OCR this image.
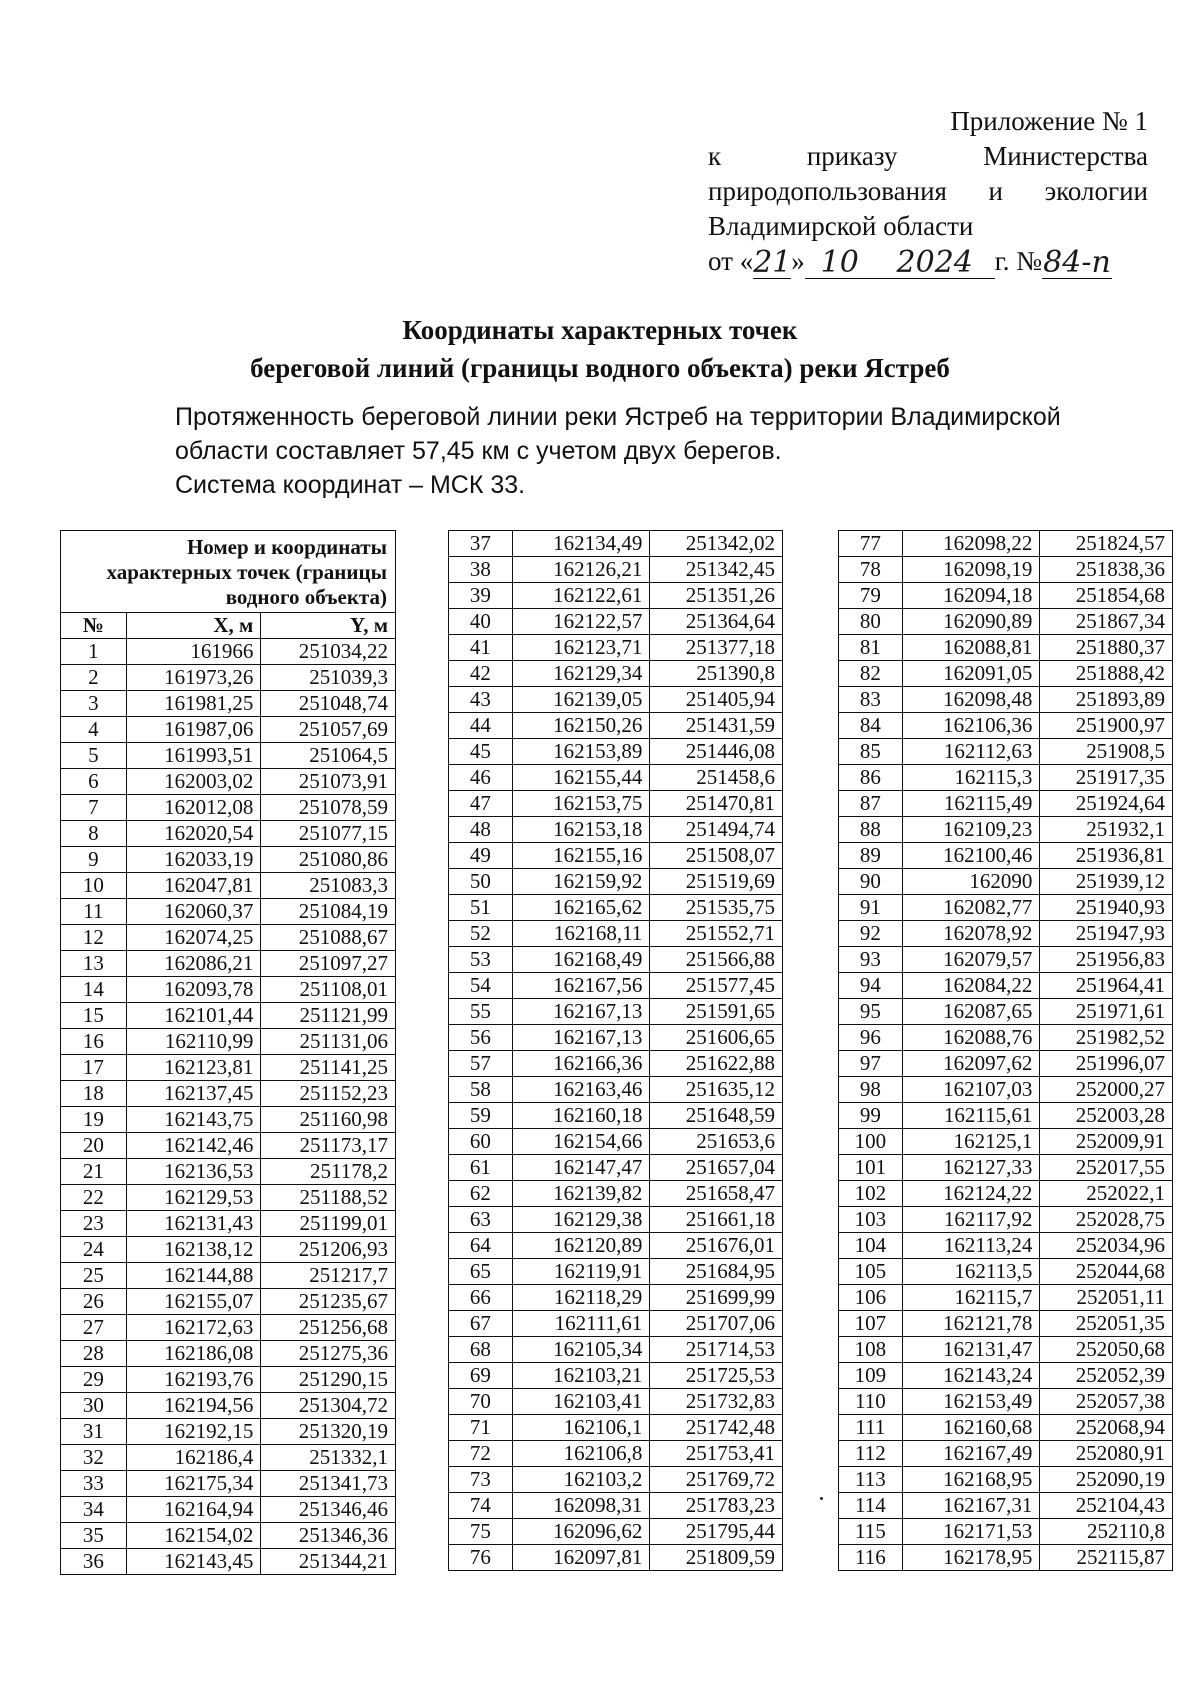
Приложение № 1
к	приказу	Министерства
природопользования и экологии
Владимирской области
от « 21 » 10	2024 г. № 84-п
Координаты характерных точек
береговой линий (границы водного объекта) реки Ястреб
Протяженность береговой линии реки Ястреб на территории Владимирской
области составляет 57,45 км с учетом двух берегов.
Система координат – МСК 33.
Номер и координаты характерных точек (границы водного объекта)		
№	X, м	Y, м
1	161966	251034,22
2	161973,26	251039,3
3	161981,25	251048,74
4	161987,06	251057,69
5	161993,51	251064,5
6	162003,02	251073,91
7	162012,08	251078,59
8	162020,54	251077,15
9	162033,19	251080,86
10	162047,81	251083,3
11	162060,37	251084,19
12	162074,25	251088,67
13	162086,21	251097,27
14	162093,78	251108,01
15	162101,44	251121,99
16	162110,99	251131,06
17	162123,81	251141,25
18	162137,45	251152,23
19	162143,75	251160,98
20	162142,46	251173,17
21	162136,53	251178,2
22	162129,53	251188,52
23	162131,43	251199,01
24	162138,12	251206,93
25	162144,88	251217,7
26	162155,07	251235,67
27	162172,63	251256,68
28	162186,08	251275,36
29	162193,76	251290,15
30	162194,56	251304,72
31	162192,15	251320,19
32	162186,4	251332,1
33	162175,34	251341,73
34	162164,94	251346,46
35	162154,02	251346,36
36	162143,45	251344,21
37	162134,49	251342,02
38	162126,21	251342,45
39	162122,61	251351,26
40	162122,57	251364,64
41	162123,71	251377,18
42	162129,34	251390,8
43	162139,05	251405,94
44	162150,26	251431,59
45	162153,89	251446,08
46	162155,44	251458,6
47	162153,75	251470,81
48	162153,18	251494,74
49	162155,16	251508,07
50	162159,92	251519,69
51	162165,62	251535,75
52	162168,11	251552,71
53	162168,49	251566,88
54	162167,56	251577,45
55	162167,13	251591,65
56	162167,13	251606,65
57	162166,36	251622,88
58	162163,46	251635,12
59	162160,18	251648,59
60	162154,66	251653,6
61	162147,47	251657,04
62	162139,82	251658,47
63	162129,38	251661,18
64	162120,89	251676,01
65	162119,91	251684,95
66	162118,29	251699,99
67	162111,61	251707,06
68	162105,34	251714,53
69	162103,21	251725,53
70	162103,41	251732,83
71	162106,1	251742,48
72	162106,8	251753,41
73	162103,2	251769,72
74	162098,31	251783,23
75	162096,62	251795,44
76	162097,81	251809,59
77	162098,22	251824,57
78	162098,19	251838,36
79	162094,18	251854,68
80	162090,89	251867,34
81	162088,81	251880,37
82	162091,05	251888,42
83	162098,48	251893,89
84	162106,36	251900,97
85	162112,63	251908,5
86	162115,3	251917,35
87	162115,49	251924,64
88	162109,23	251932,1
89	162100,46	251936,81
90	162090	251939,12
91	162082,77	251940,93
92	162078,92	251947,93
93	162079,57	251956,83
94	162084,22	251964,41
95	162087,65	251971,61
96	162088,76	251982,52
97	162097,62	251996,07
98	162107,03	252000,27
99	162115,61	252003,28
100	162125,1	252009,91
101	162127,33	252017,55
102	162124,22	252022,1
103	162117,92	252028,75
104	162113,24	252034,96
105	162113,5	252044,68
106	162115,7	252051,11
107	162121,78	252051,35
108	162131,47	252050,68
109	162143,24	252052,39
110	162153,49	252057,38
111	162160,68	252068,94
112	162167,49	252080,91
113	162168,95	252090,19
114	162167,31	252104,43
115	162171,53	252110,8
116	162178,95	252115,87
